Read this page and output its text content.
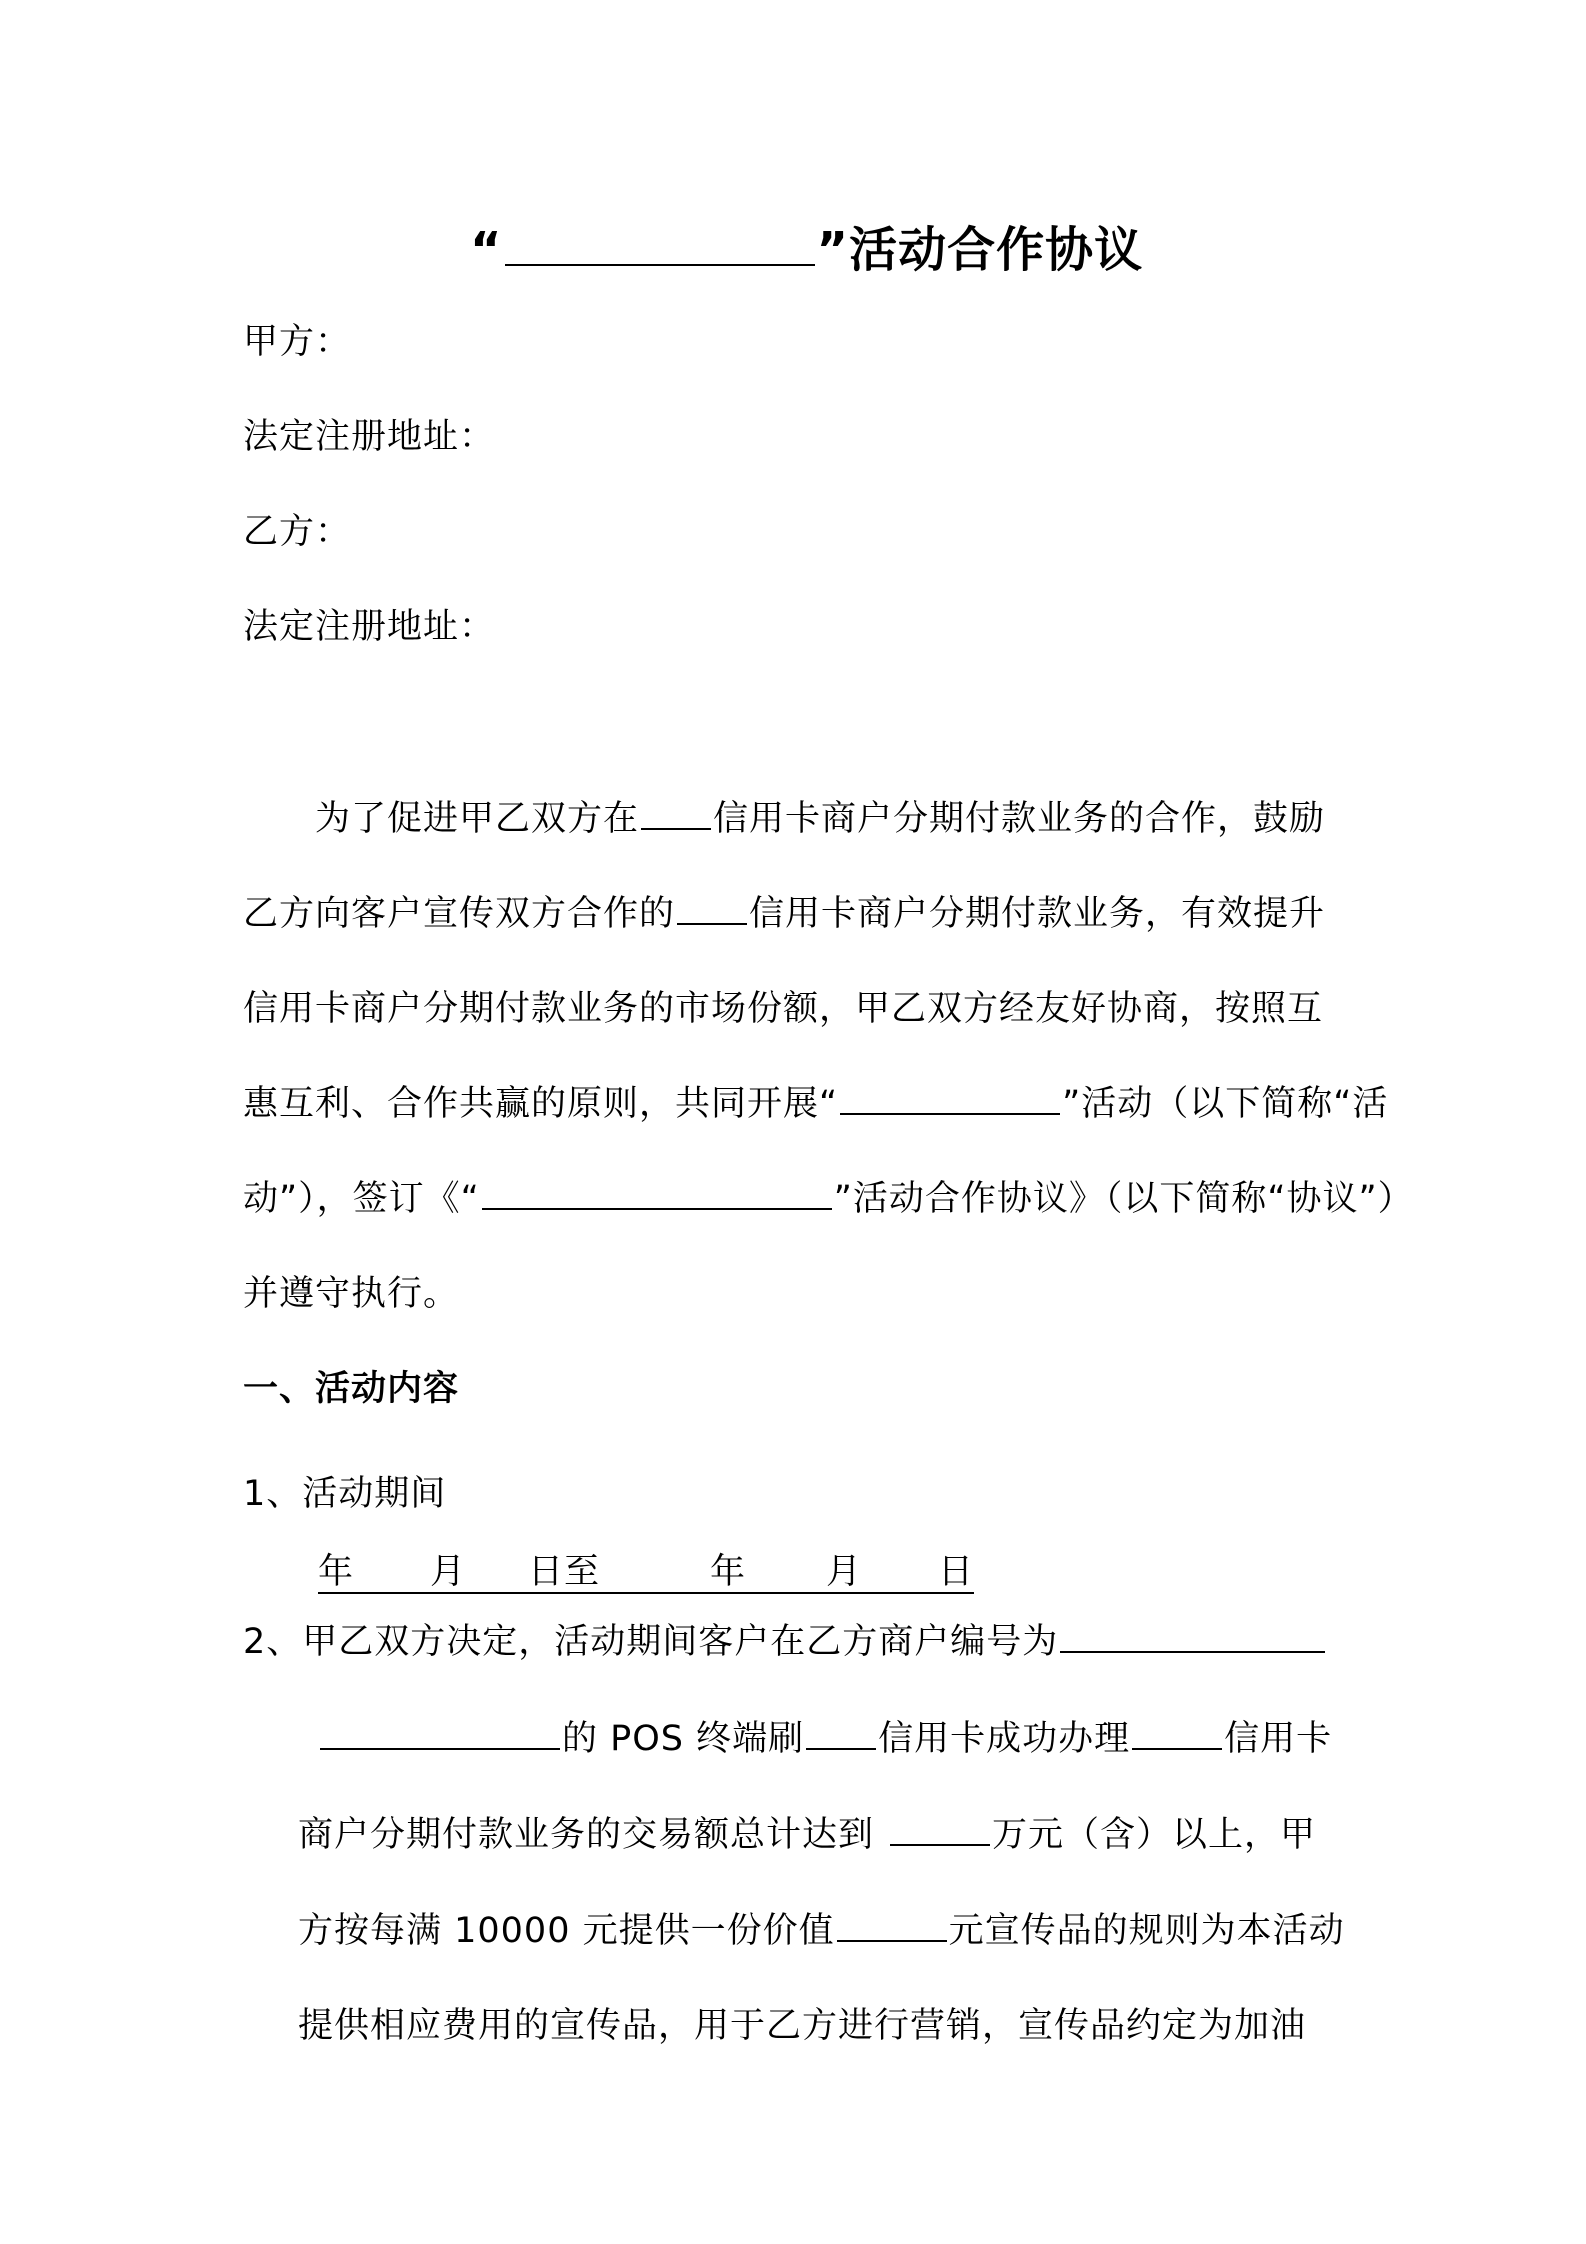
“	”活动合作协议
甲方：
法定注册地址：
乙方：
法定注册地址：
为了促进甲乙双方在 信用卡商户分期付款业务的合作，鼓励
乙方向客户宣传双方合作的 信用卡商户分期付款业务，有效提升
信用卡商户分期付款业务的市场份额，甲乙双方经友好协商，按照互
惠互利、合作共赢的原则，共同开展“	”活动（以下简称“活
动”），签订《“	”活动合作协议》（以下简称“协议”）
并遵守执行。
一、活动内容
1、活动期间
年 月 日至	年 月 日
2、甲乙双方决定，活动期间客户在乙方商户编号为
的 POS 终端刷 信用卡成功办理	信用卡
商户分期付款业务的交易额总计达到	万元（含）以上，甲
方按每满 10000 元提供一份价值	元宣传品的规则为本活动
提供相应费用的宣传品，用于乙方进行营销，宣传品约定为加油
